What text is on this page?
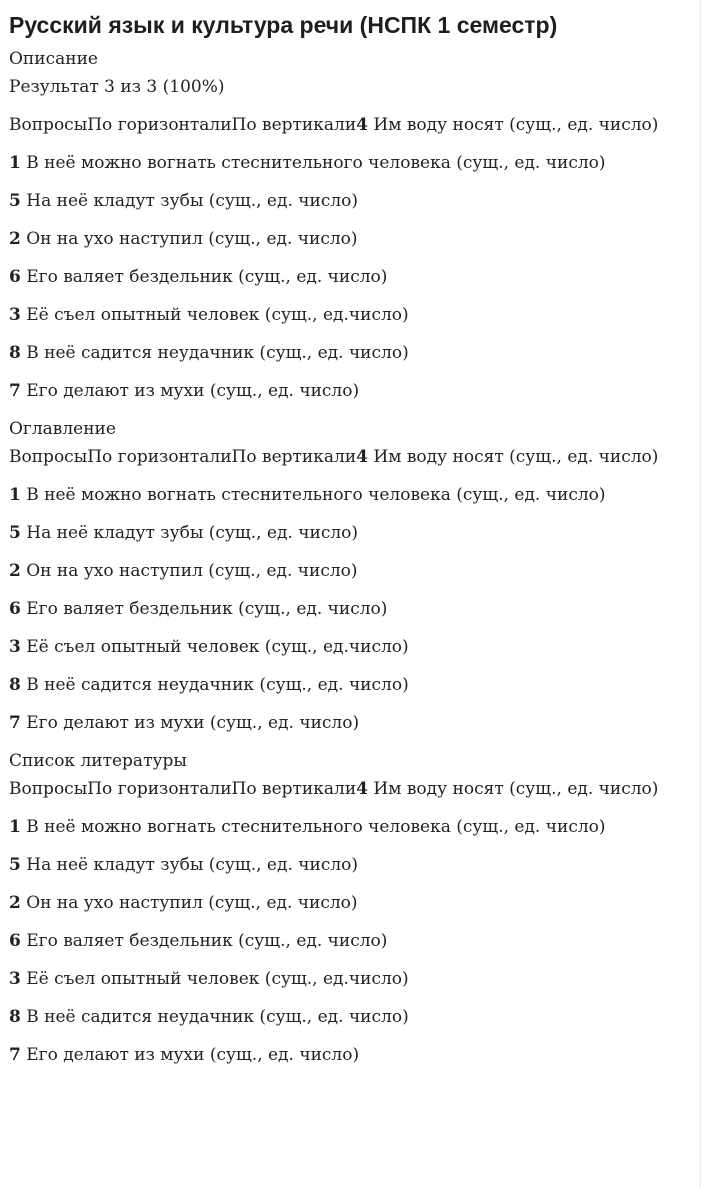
Русский язык и культура речи (НСПК 1 семестр)

Описание

Результат 3 из 3 (100%)

ВопросыПо горизонталиПо вертикали4 Им воду носят (сущ., ед. число)

1 В неё можно вогнать стеснительного человека (сущ., ед. число)

5 На неё кладут зубы (сущ., ед. число)

2 Он на ухо наступил (сущ., ед. число)

6 Его валяет бездельник (сущ., ед. число)

3 Её съел опытный человек (сущ., ед.число)

8 В неё садится неудачник (сущ., ед. число)

7 Его делают из мухи (сущ., ед. число)

Оглавление

ВопросыПо горизонталиПо вертикали4 Им воду носят (сущ., ед. число)

1 В неё можно вогнать стеснительного человека (сущ., ед. число)

5 На неё кладут зубы (сущ., ед. число)

2 Он на ухо наступил (сущ., ед. число)

6 Его валяет бездельник (сущ., ед. число)

3 Её съел опытный человек (сущ., ед.число)

8 В неё садится неудачник (сущ., ед. число)

7 Его делают из мухи (сущ., ед. число)

Список литературы

ВопросыПо горизонталиПо вертикали4 Им воду носят (сущ., ед. число)

1 В неё можно вогнать стеснительного человека (сущ., ед. число)

5 На неё кладут зубы (сущ., ед. число)

2 Он на ухо наступил (сущ., ед. число)

6 Его валяет бездельник (сущ., ед. число)

3 Её съел опытный человек (сущ., ед.число)

8 В неё садится неудачник (сущ., ед. число)

7 Его делают из мухи (сущ., ед. число)
